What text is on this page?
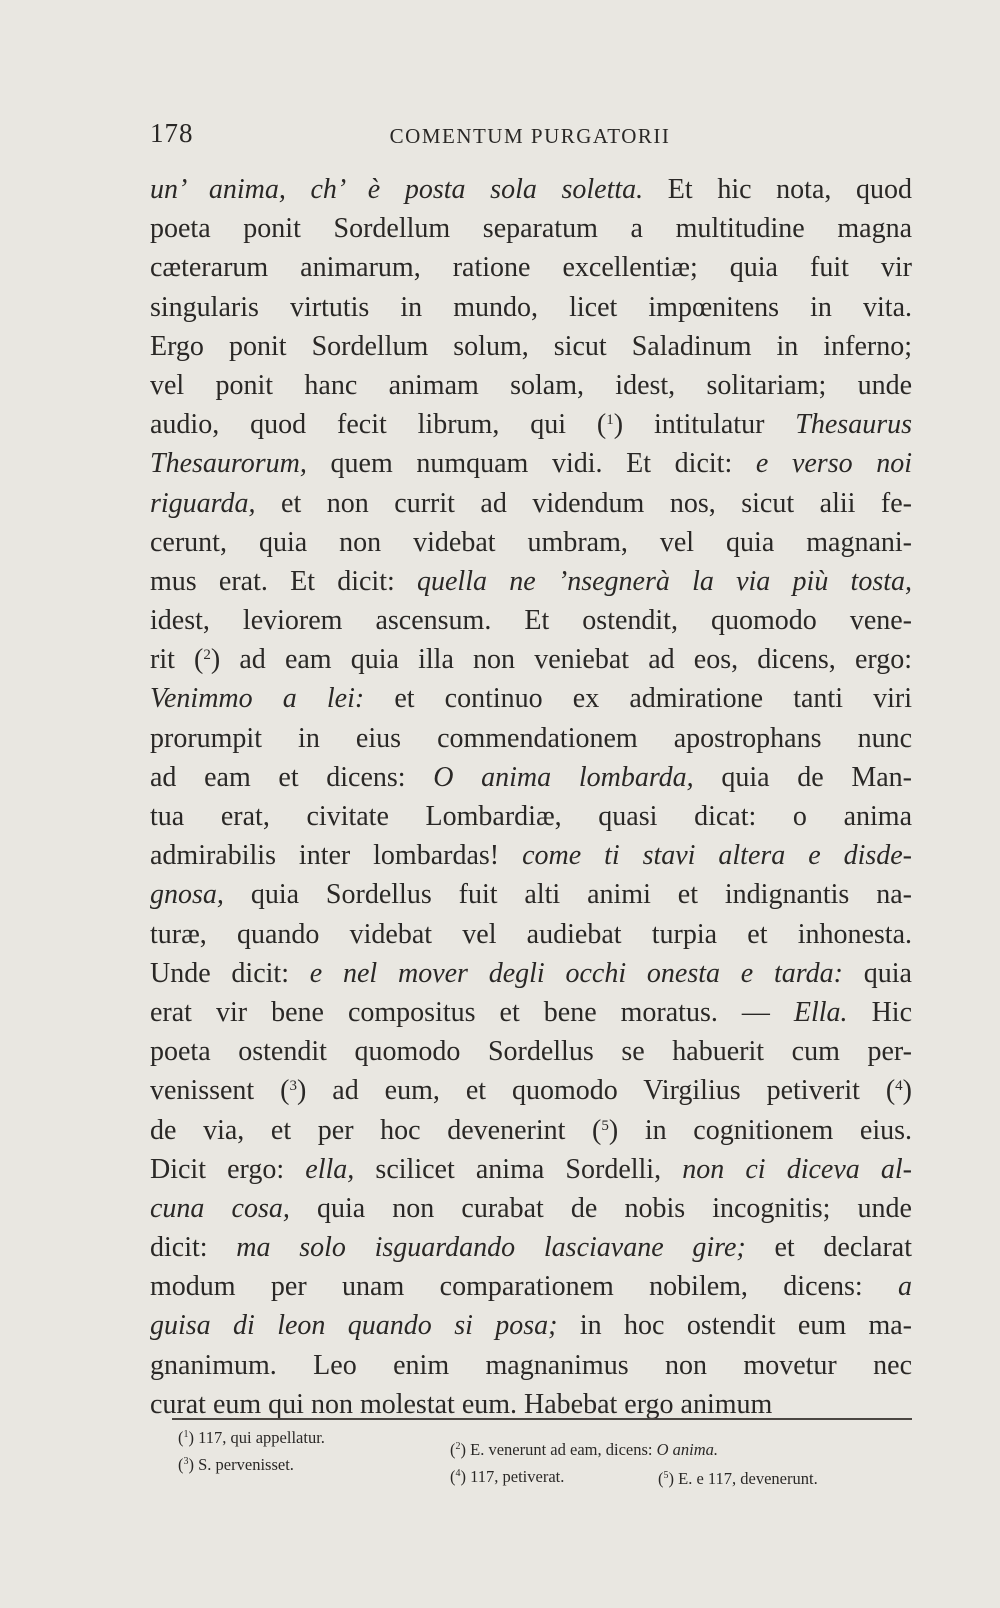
178	COMENTUM PURGATORII
un’ anima, ch’ è posta sola soletta. Et hic nota, quod
poeta ponit Sordellum separatum a multitudine magna
cæterarum animarum, ratione excellentiæ; quia fuit vir
singularis virtutis in mundo, licet impœnitens in vita.
Ergo ponit Sordellum solum, sicut Saladinum in inferno;
vel ponit hanc animam solam, idest, solitariam; unde
audio, quod fecit librum, qui ($^1$) intitulatur Thesaurus
Thesaurorum, quem numquam vidi. Et dicit: e verso noi
riguarda, et non currit ad videndum nos, sicut alii fe-
cerunt, quia non videbat umbram, vel quia magnani-
mus erat. Et dicit: quella ne ’nsegnerà la via più tosta,
idest, leviorem ascensum. Et ostendit, quomodo vene-
rit ($^2$) ad eam quia illa non veniebat ad eos, dicens, ergo:
Venimmo a lei: et continuo ex admiratione tanti viri
prorumpit in eius commendationem apostrophans nunc
ad eam et dicens: O anima lombarda, quia de Man-
tua erat, civitate Lombardiæ, quasi dicat: o anima
admirabilis inter lombardas! come ti stavi altera e disde-
gnosa, quia Sordellus fuit alti animi et indignantis na-
turæ, quando videbat vel audiebat turpia et inhonesta.
Unde dicit: e nel mover degli occhi onesta e tarda: quia
erat vir bene compositus et bene moratus. — Ella. Hic
poeta ostendit quomodo Sordellus se habuerit cum per-
venissent ($^3$) ad eum, et quomodo Virgilius petiverit ($^4$)
de via, et per hoc devenerint ($^5$) in cognitionem eius.
Dicit ergo: ella, scilicet anima Sordelli, non ci diceva al-
cuna cosa, quia non curabat de nobis incognitis; unde
dicit: ma solo isguardando lasciavane gire; et declarat
modum per unam comparationem nobilem, dicens: a
guisa di leon quando si posa; in hoc ostendit eum ma-
gnanimum. Leo enim magnanimus non movetur nec
curat eum qui non molestat eum. Habebat ergo animum
($^1$) 117, qui appellatur.
($^2$) E. venerunt ad eam, dicens: O anima.
($^3$) S. pervenisset.
($^4$) 117, petiverat.	($^5$) E. e 117, devenerunt.
